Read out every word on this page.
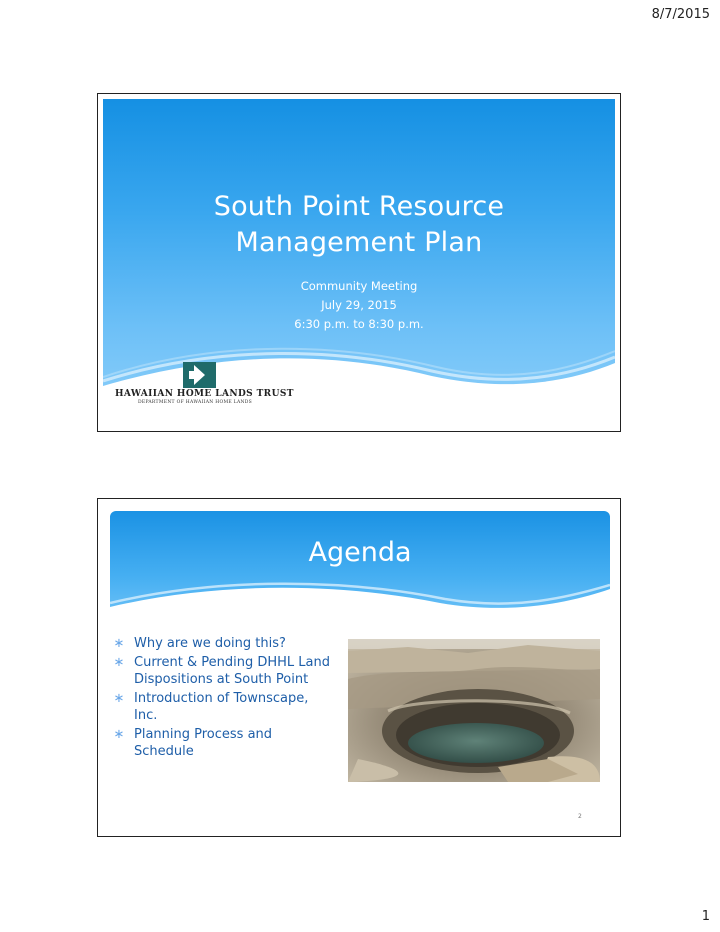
8/7/2015
South Point Resource
Management Plan
Community Meeting
July 29, 2015
6:30 p.m. to 8:30 p.m.
HAWAIIAN HOME LANDS TRUST
DEPARTMENT OF HAWAIIAN HOME LANDS
Agenda
∗ Why are we doing this?
∗ Current & Pending DHHL Land Dispositions at South Point
∗ Introduction of Townscape, Inc.
∗ Planning Process and Schedule
2
1
